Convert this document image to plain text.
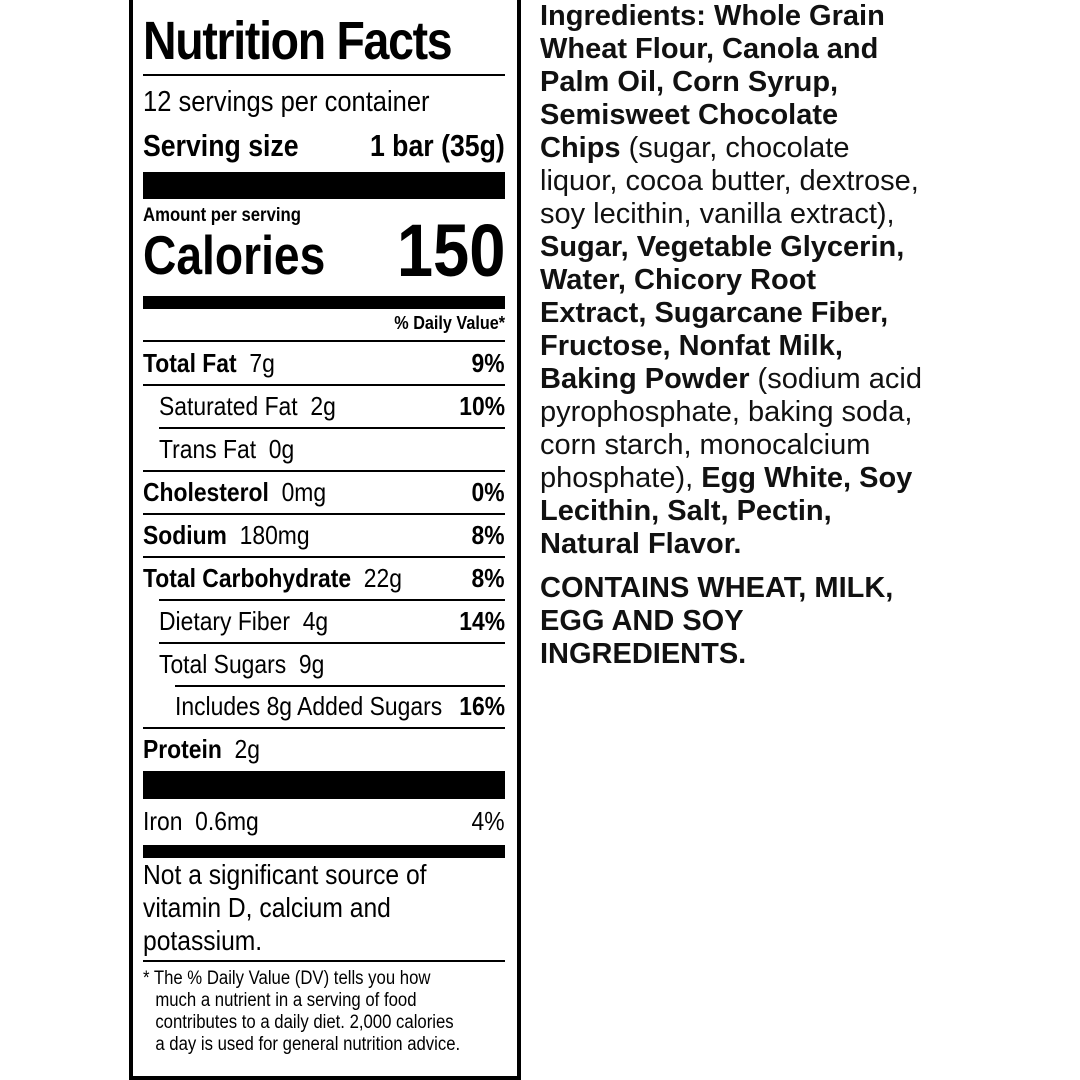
Nutrition Facts
12 servings per container
Serving size 1 bar (35g)
Amount per serving
Calories 150
% Daily Value*
Total Fat 7g	9%
Saturated Fat 2g	10%
Trans Fat 0g
Cholesterol 0mg	0%
Sodium 180mg	8%
Total Carbohydrate 22g	8%
Dietary Fiber 4g	14%
Total Sugars 9g
Includes 8g Added Sugars 16%
Protein 2g
Iron 0.6mg	4%
Not a significant source of vitamin D, calcium and potassium.
* The % Daily Value (DV) tells you how
much a nutrient in a serving of food
contributes to a daily diet. 2,000 calories
a day is used for general nutrition advice.
Ingredients: Whole Grain
Wheat Flour, Canola and
Palm Oil, Corn Syrup,
Semisweet Chocolate
Chips (sugar, chocolate
liquor, cocoa butter, dextrose,
soy lecithin, vanilla extract),
Sugar, Vegetable Glycerin,
Water, Chicory Root
Extract, Sugarcane Fiber,
Fructose, Nonfat Milk,
Baking Powder (sodium acid
pyrophosphate, baking soda,
corn starch, monocalcium
phosphate), Egg White, Soy
Lecithin, Salt, Pectin,
Natural Flavor.
CONTAINS WHEAT, MILK,
EGG AND SOY
INGREDIENTS.
